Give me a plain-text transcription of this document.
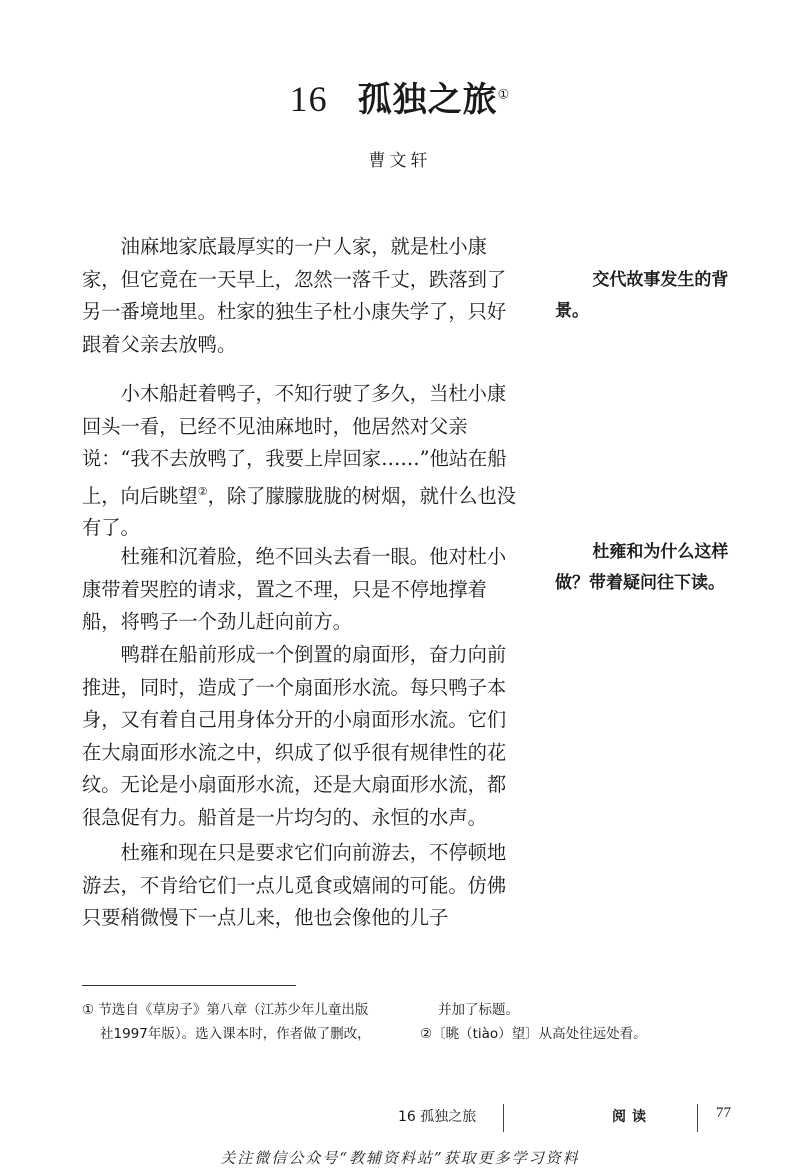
16 孤独之旅①
曹文轩

油麻地家底最厚实的一户人家，就是杜小康家，但它竟在一天早上，忽然一落千丈，跌落到了另一番境地里。杜家的独生子杜小康失学了，只好跟着父亲去放鸭。

小木船赶着鸭子，不知行驶了多久，当杜小康回头一看，已经不见油麻地时，他居然对父亲说：“我不去放鸭了，我要上岸回家……”他站在船上，向后眺望②，除了朦朦胧胧的树烟，就什么也没有了。

杜雍和沉着脸，绝不回头去看一眼。他对杜小康带着哭腔的请求，置之不理，只是不停地撑着船，将鸭子一个劲儿赶向前方。

鸭群在船前形成一个倒置的扇面形，奋力向前推进，同时，造成了一个扇面形水流。每只鸭子本身，又有着自己用身体分开的小扇面形水流。它们在大扇面形水流之中，织成了似乎很有规律性的花纹。无论是小扇面形水流，还是大扇面形水流，都很急促有力。船首是一片均匀的、永恒的水声。

杜雍和现在只是要求它们向前游去，不停顿地游去，不肯给它们一点儿觅食或嬉闹的可能。仿佛只要稍微慢下一点儿来，他也会像他的儿子

交代故事发生的背景。
杜雍和为什么这样做？带着疑问往下读。
① 节选自《草房子》第八章（江苏少年儿童出版
社1997年版）。选入课本时，作者做了删改，
并加了标题。
②〔眺（tiào）望〕从高处往远处看。
16 孤独之旅	阅读	77
关注微信公众号“教辅资料站”获取更多学习资料
